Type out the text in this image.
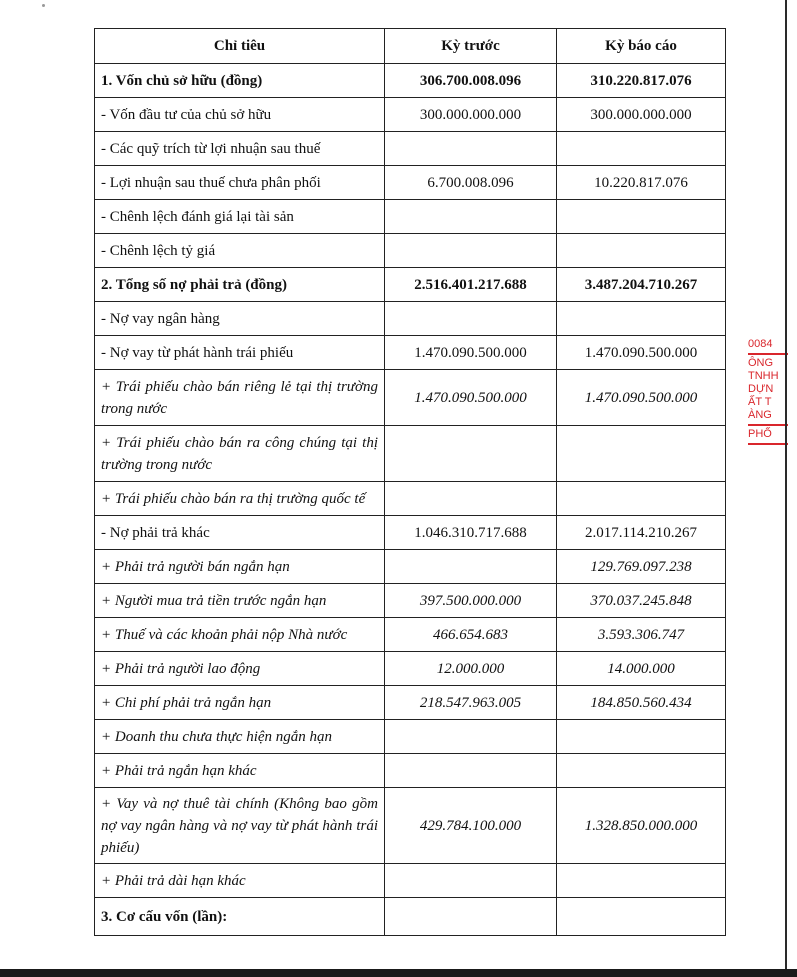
Chỉ tiêu	Kỳ trước	Kỳ báo cáo
1. Vốn chủ sở hữu (đồng)	306.700.008.096	310.220.817.076
- Vốn đầu tư của chủ sở hữu	300.000.000.000	300.000.000.000
- Các quỹ trích từ lợi nhuận sau thuế		
- Lợi nhuận sau thuế chưa phân phối	6.700.008.096	10.220.817.076
- Chênh lệch đánh giá lại tài sản		
- Chênh lệch tỷ giá		
2. Tổng số nợ phải trả (đồng)	2.516.401.217.688	3.487.204.710.267
- Nợ vay ngân hàng		
- Nợ vay từ phát hành trái phiếu	1.470.090.500.000	1.470.090.500.000
+ Trái phiếu chào bán riêng lẻ tại thị trường trong nước	1.470.090.500.000	1.470.090.500.000
+ Trái phiếu chào bán ra công chúng tại thị trường trong nước		
+ Trái phiếu chào bán ra thị trường quốc tế		
- Nợ phải trả khác	1.046.310.717.688	2.017.114.210.267
+ Phải trả người bán ngắn hạn		129.769.097.238
+ Người mua trả tiền trước ngắn hạn	397.500.000.000	370.037.245.848
+ Thuế và các khoản phải nộp Nhà nước	466.654.683	3.593.306.747
+ Phải trả người lao động	12.000.000	14.000.000
+ Chi phí phải trả ngắn hạn	218.547.963.005	184.850.560.434
+ Doanh thu chưa thực hiện ngắn hạn		
+ Phải trả ngắn hạn khác		
+ Vay và nợ thuê tài chính (Không bao gồm nợ vay ngân hàng và nợ vay từ phát hành trái phiếu)	429.784.100.000	1.328.850.000.000
+ Phải trả dài hạn khác		
3. Cơ cấu vốn (lần):		
0084
ÔNG
TNHH
DỰN
ẤT T
ÀNG
PHỐ
